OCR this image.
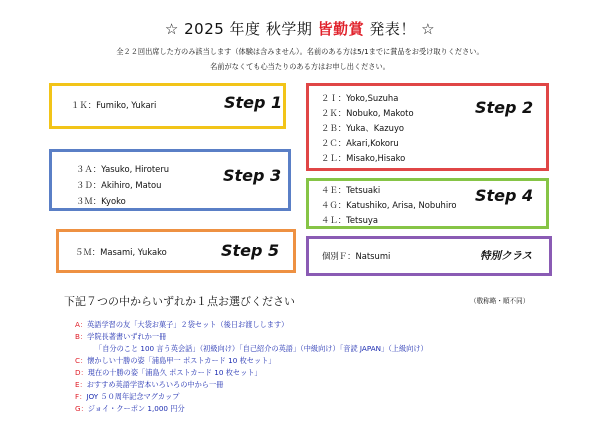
☆ 2025 年度 秋学期 皆勤賞 発表！ ☆
全２２回出席した方のみ該当します（体験は含みません）。名前のある方は5/1までに賞品をお受け取りください。
名前がなくても心当たりのある方はお申し出ください。
１Ｋ：Fumiko, Yukari	Step 1	２Ｉ：Yoko,Suzuha
２Ｋ：Nobuko, Makoto
２Ｂ：Yuka、Kazuyo
２Ｃ：Akari,Kokoru
２Ｌ：Misako,Hisako
Step 2
３Ａ：Yasuko, Hiroteru
３Ｄ：Akihiro, Matou
３Ｍ：Kyoko
Step 3
４Ｅ：Tetsuaki
４Ｇ：Katushiko, Arisa, Nobuhiro
４Ｌ：Tetsuya
Step 4
５Ｍ：Masami, Yukako	Step 5	個別Ｆ：Natsumi	特別クラス
下記７つの中からいずれか１点お選びください	（敬称略・順不同）
A：英語学習の友「大袋お菓子」２袋セット（後日お渡しします）
B：学院長著書いずれか一冊
「自分のこと 100 言う英会話」（初級向け）「自己紹介の英語」（中級向け）「音読 JAPAN」（上級向け）
C：懐かしい十勝の姿「浦島甲一 ポストカード 10 枚セット」
D：現在の十勝の姿「浦島久 ポストカード 10 枚セット」
E：おすすめ英語学習本いろいろの中から一冊
F：JOY ５０周年記念マグカップ
G：ジョイ・クーポン 1,000 円分
